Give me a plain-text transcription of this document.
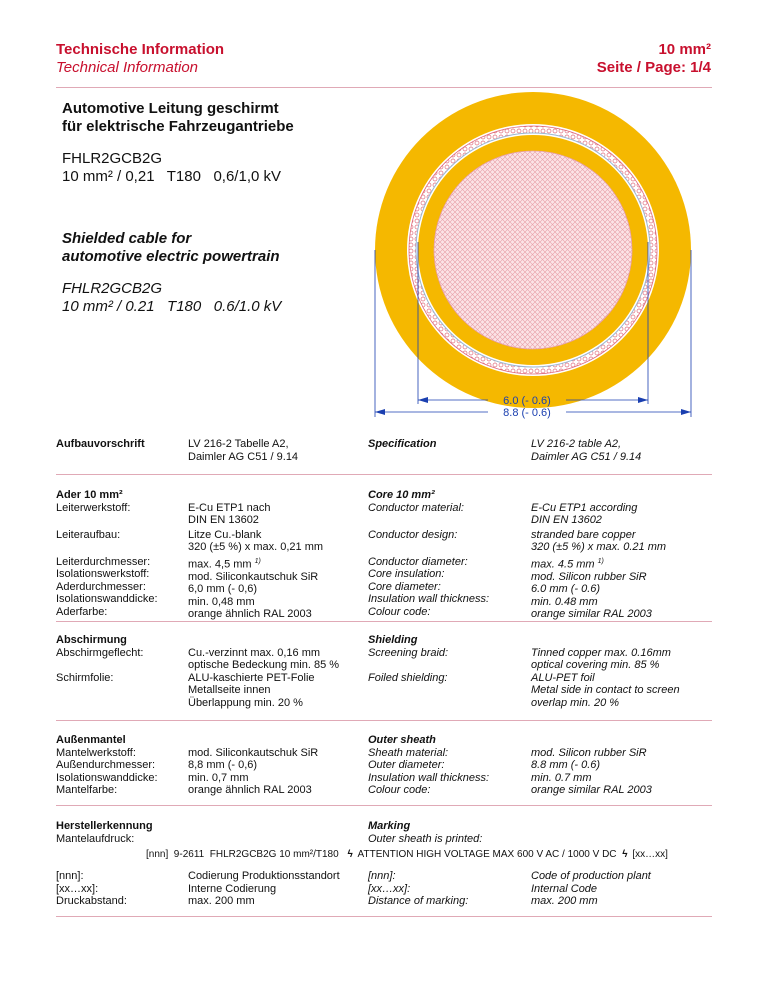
Technische Information
Technical Information
10 mm²
Seite / Page: 1/4
Automotive Leitung geschirmt
für elektrische Fahrzeugantriebe
FHLR2GCB2G
10 mm² / 0,21   T180   0,6/1,0 kV
Shielded cable for
automotive electric powertrain
FHLR2GCB2G
10 mm² / 0.21   T180   0.6/1.0 kV
6.0 (- 0.6)
8.8 (- 0.6)
Aufbauvorschrift	LV 216-2 Tabelle A2,
Daimler AG C51 / 9.14
Specification	LV 216-2 table A2,
Daimler AG C51 / 9.14
Ader 10 mm²
Leiterwerkstoff:

Leiteraufbau:

Leiterdurchmesser:
Isolationswerkstoff:
Aderdurchmesser:
Isolationswanddicke:
Aderfarbe:
E-Cu ETP1 nach
DIN EN 13602
Litze Cu.-blank
320 (±5 %) x max. 0,21 mm
max. 4,5 mm $^{1)}$
mod. Siliconkautschuk SiR
6,0 mm (- 0,6)
min. 0,48 mm
orange ähnlich RAL 2003
Core 10 mm²
Conductor material:

Conductor design:

Conductor diameter:
Core insulation:
Core diameter:
Insulation wall thickness:
Colour code:
E-Cu ETP1 according
DIN EN 13602
stranded bare copper
320 (±5 %) x max. 0.21 mm
max. 4.5 mm $^{1)}$
mod. Silicon rubber SiR
6.0 mm (- 0.6)
min. 0.48 mm
orange similar RAL 2003
Abschirmung
Abschirmgeflecht:

Schirmfolie:
Cu.-verzinnt max. 0,16 mm
optische Bedeckung min. 85 %
ALU-kaschierte PET-Folie
Metallseite innen
Überlappung min. 20 %
Shielding
Screening braid:

Foiled shielding:
Tinned copper max. 0.16mm
optical covering min. 85 %
ALU-PET foil
Metal side in contact to screen
overlap min. 20 %
Außenmantel
Mantelwerkstoff:
Außendurchmesser:
Isolationswanddicke:
Mantelfarbe:
mod. Siliconkautschuk SiR
8,8 mm (- 0,6)
min. 0,7 mm
orange ähnlich RAL 2003
Outer sheath
Sheath material:
Outer diameter:
Insulation wall thickness:
Colour code:
mod. Silicon rubber SiR
8.8 mm (- 0.6)
min. 0.7 mm
orange similar RAL 2003
Herstellerkennung
Mantelaufdruck:
Marking
Outer sheath is printed:
[nnn]  9-2611  FHLR2GCB2G 10 mm²/T180 ϟ ATTENTION HIGH VOLTAGE MAX 600 V AC / 1000 V DC ϟ [xx…xx]
[nnn]:
[xx…xx]:
Druckabstand:
Codierung Produktionsstandort
Interne Codierung
max. 200 mm
[nnn]:
[xx…xx]:
Distance of marking:
Code of production plant
Internal Code
max. 200 mm
